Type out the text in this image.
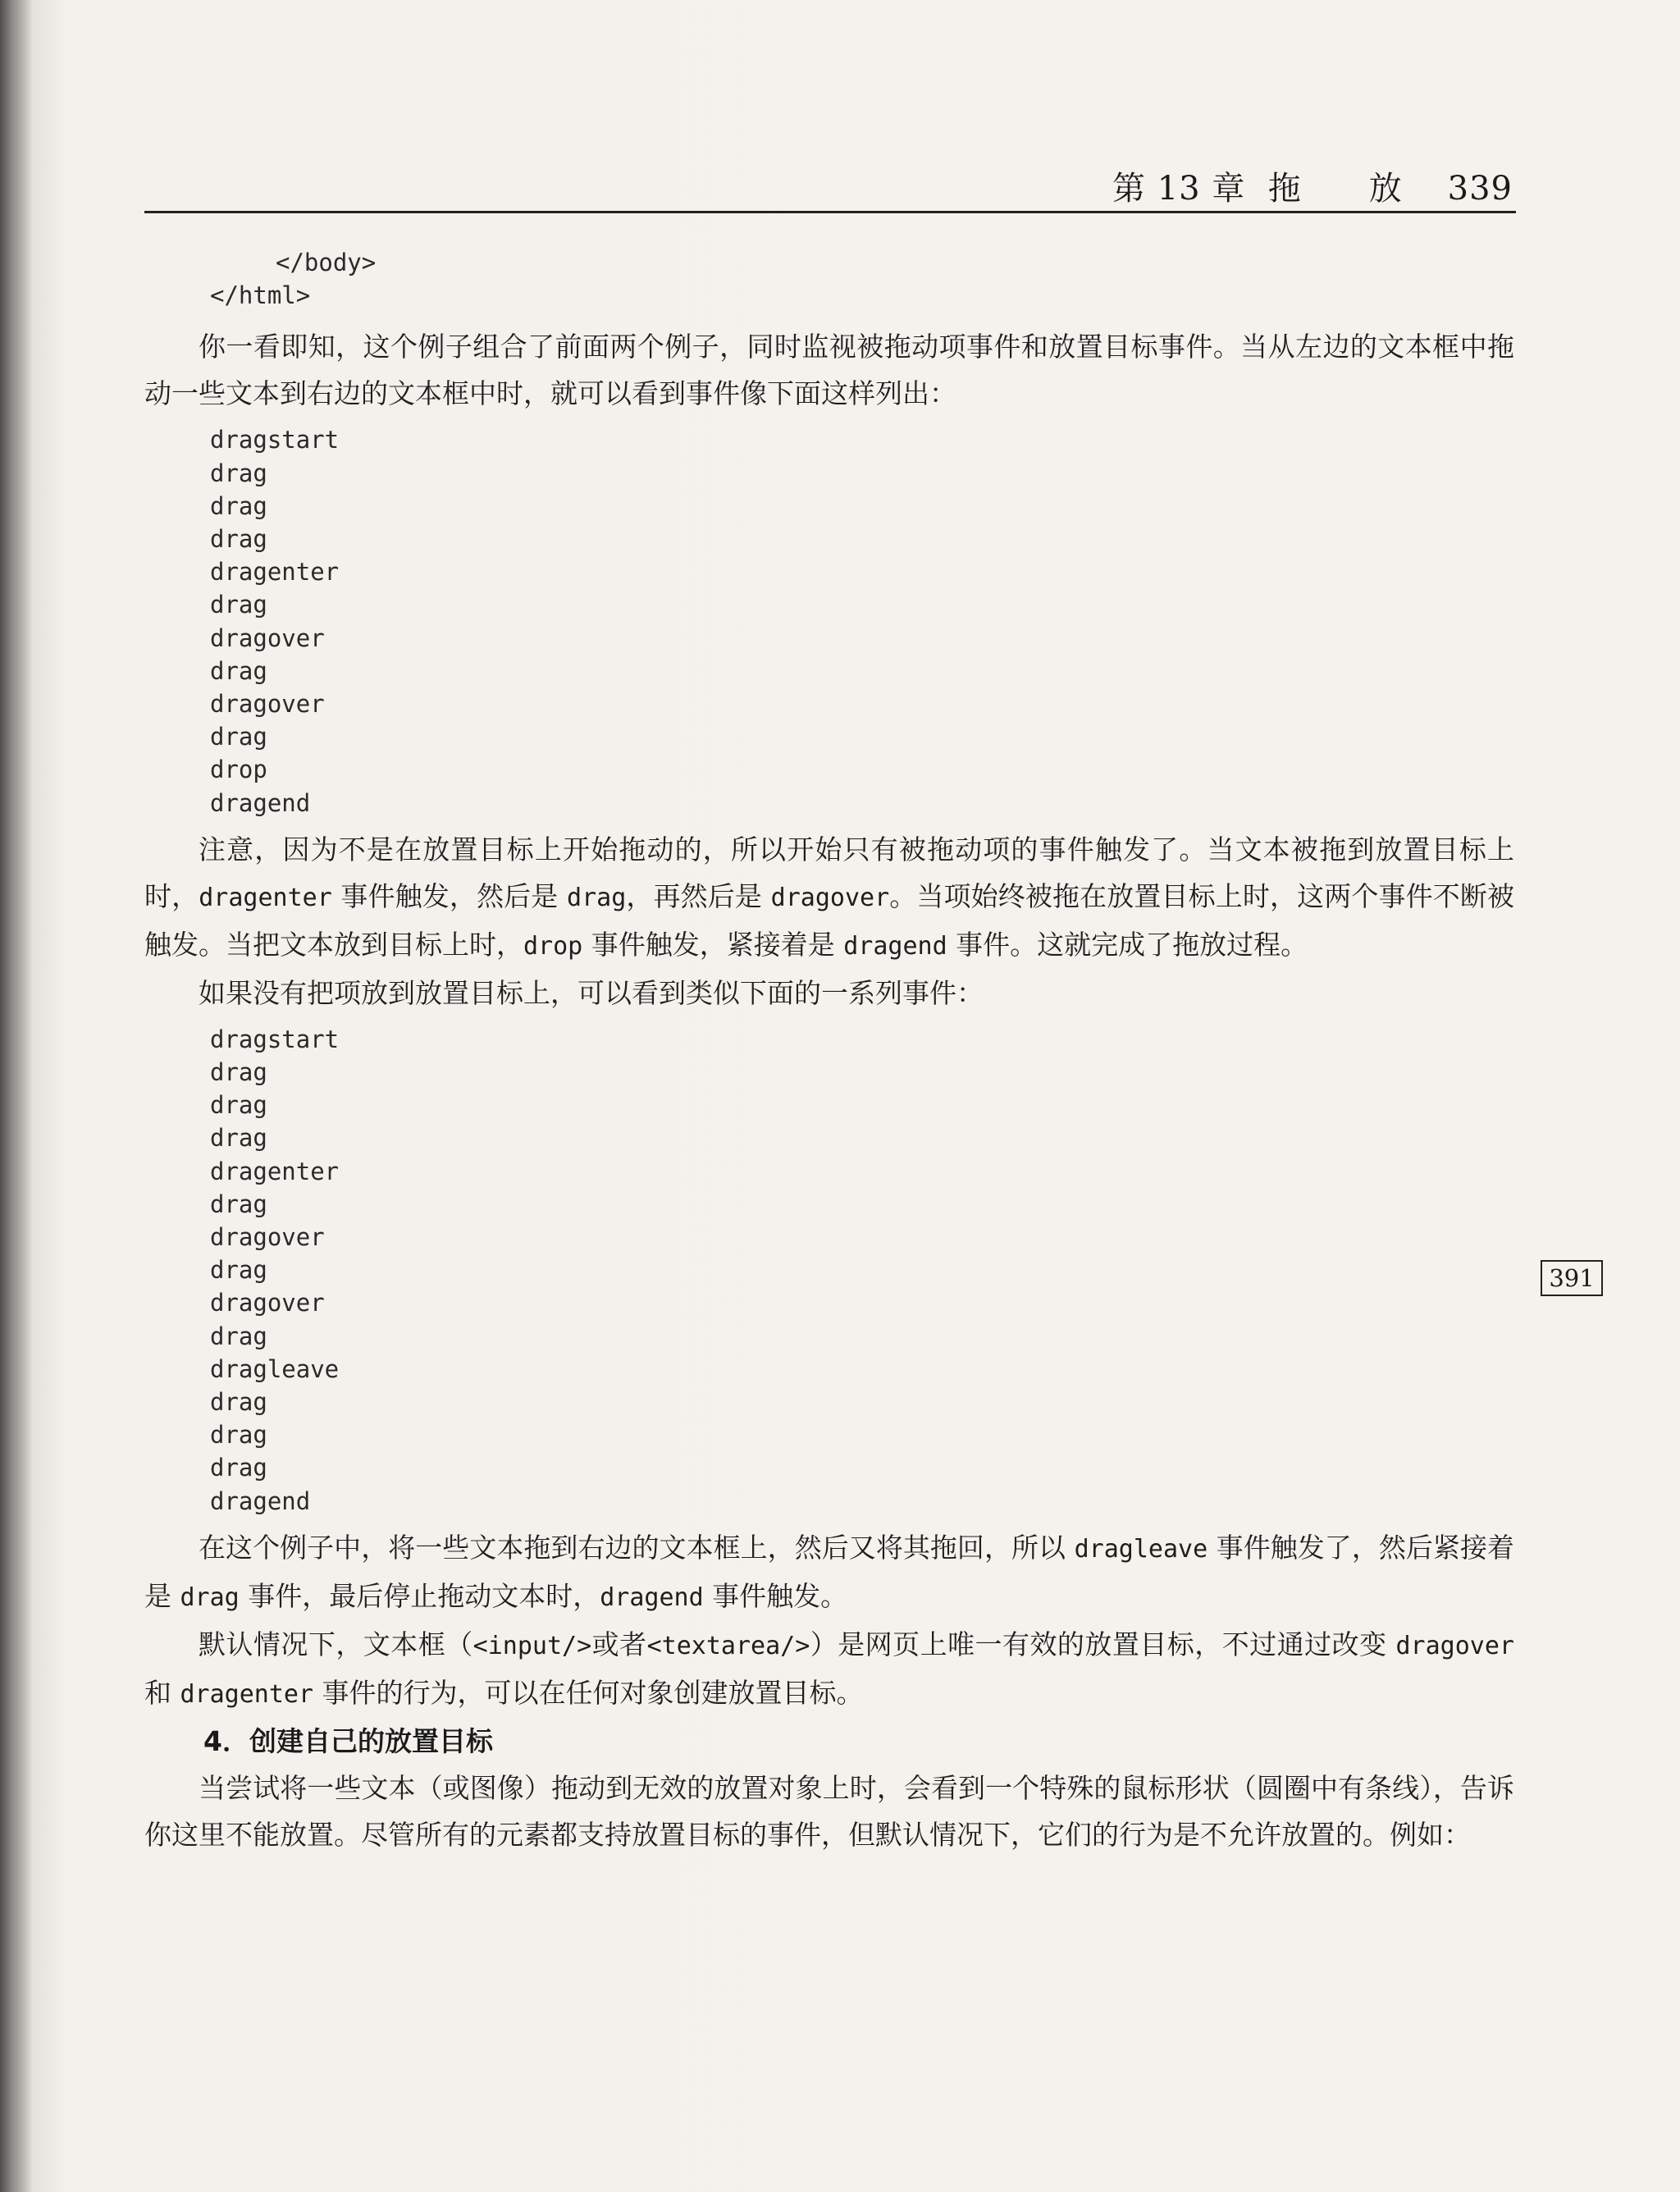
第 13 章 拖　　放 339
391
</body>
</html>

你一看即知，这个例子组合了前面两个例子，同时监视被拖动项事件和放置目标事件。当从左边的文本框中拖动一些文本到右边的文本框中时，就可以看到事件像下面这样列出：

dragstart
drag
drag
drag
dragenter
drag
dragover
drag
dragover
drag
drop
dragend

注意，因为不是在放置目标上开始拖动的，所以开始只有被拖动项的事件触发了。当文本被拖到放置目标上时，dragenter 事件触发，然后是 drag，再然后是 dragover。当项始终被拖在放置目标上时，这两个事件不断被触发。当把文本放到目标上时，drop 事件触发，紧接着是 dragend 事件。这就完成了拖放过程。

如果没有把项放到放置目标上，可以看到类似下面的一系列事件：

dragstart
drag
drag
drag
dragenter
drag
dragover
drag
dragover
drag
dragleave
drag
drag
drag
dragend

在这个例子中，将一些文本拖到右边的文本框上，然后又将其拖回，所以 dragleave 事件触发了，然后紧接着是 drag 事件，最后停止拖动文本时，dragend 事件触发。

默认情况下，文本框（<input/>或者<textarea/>）是网页上唯一有效的放置目标，不过通过改变 dragover 和 dragenter 事件的行为，可以在任何对象创建放置目标。

4．创建自己的放置目标

当尝试将一些文本（或图像）拖动到无效的放置对象上时，会看到一个特殊的鼠标形状（圆圈中有条线），告诉你这里不能放置。尽管所有的元素都支持放置目标的事件，但默认情况下，它们的行为是不允许放置的。例如：
